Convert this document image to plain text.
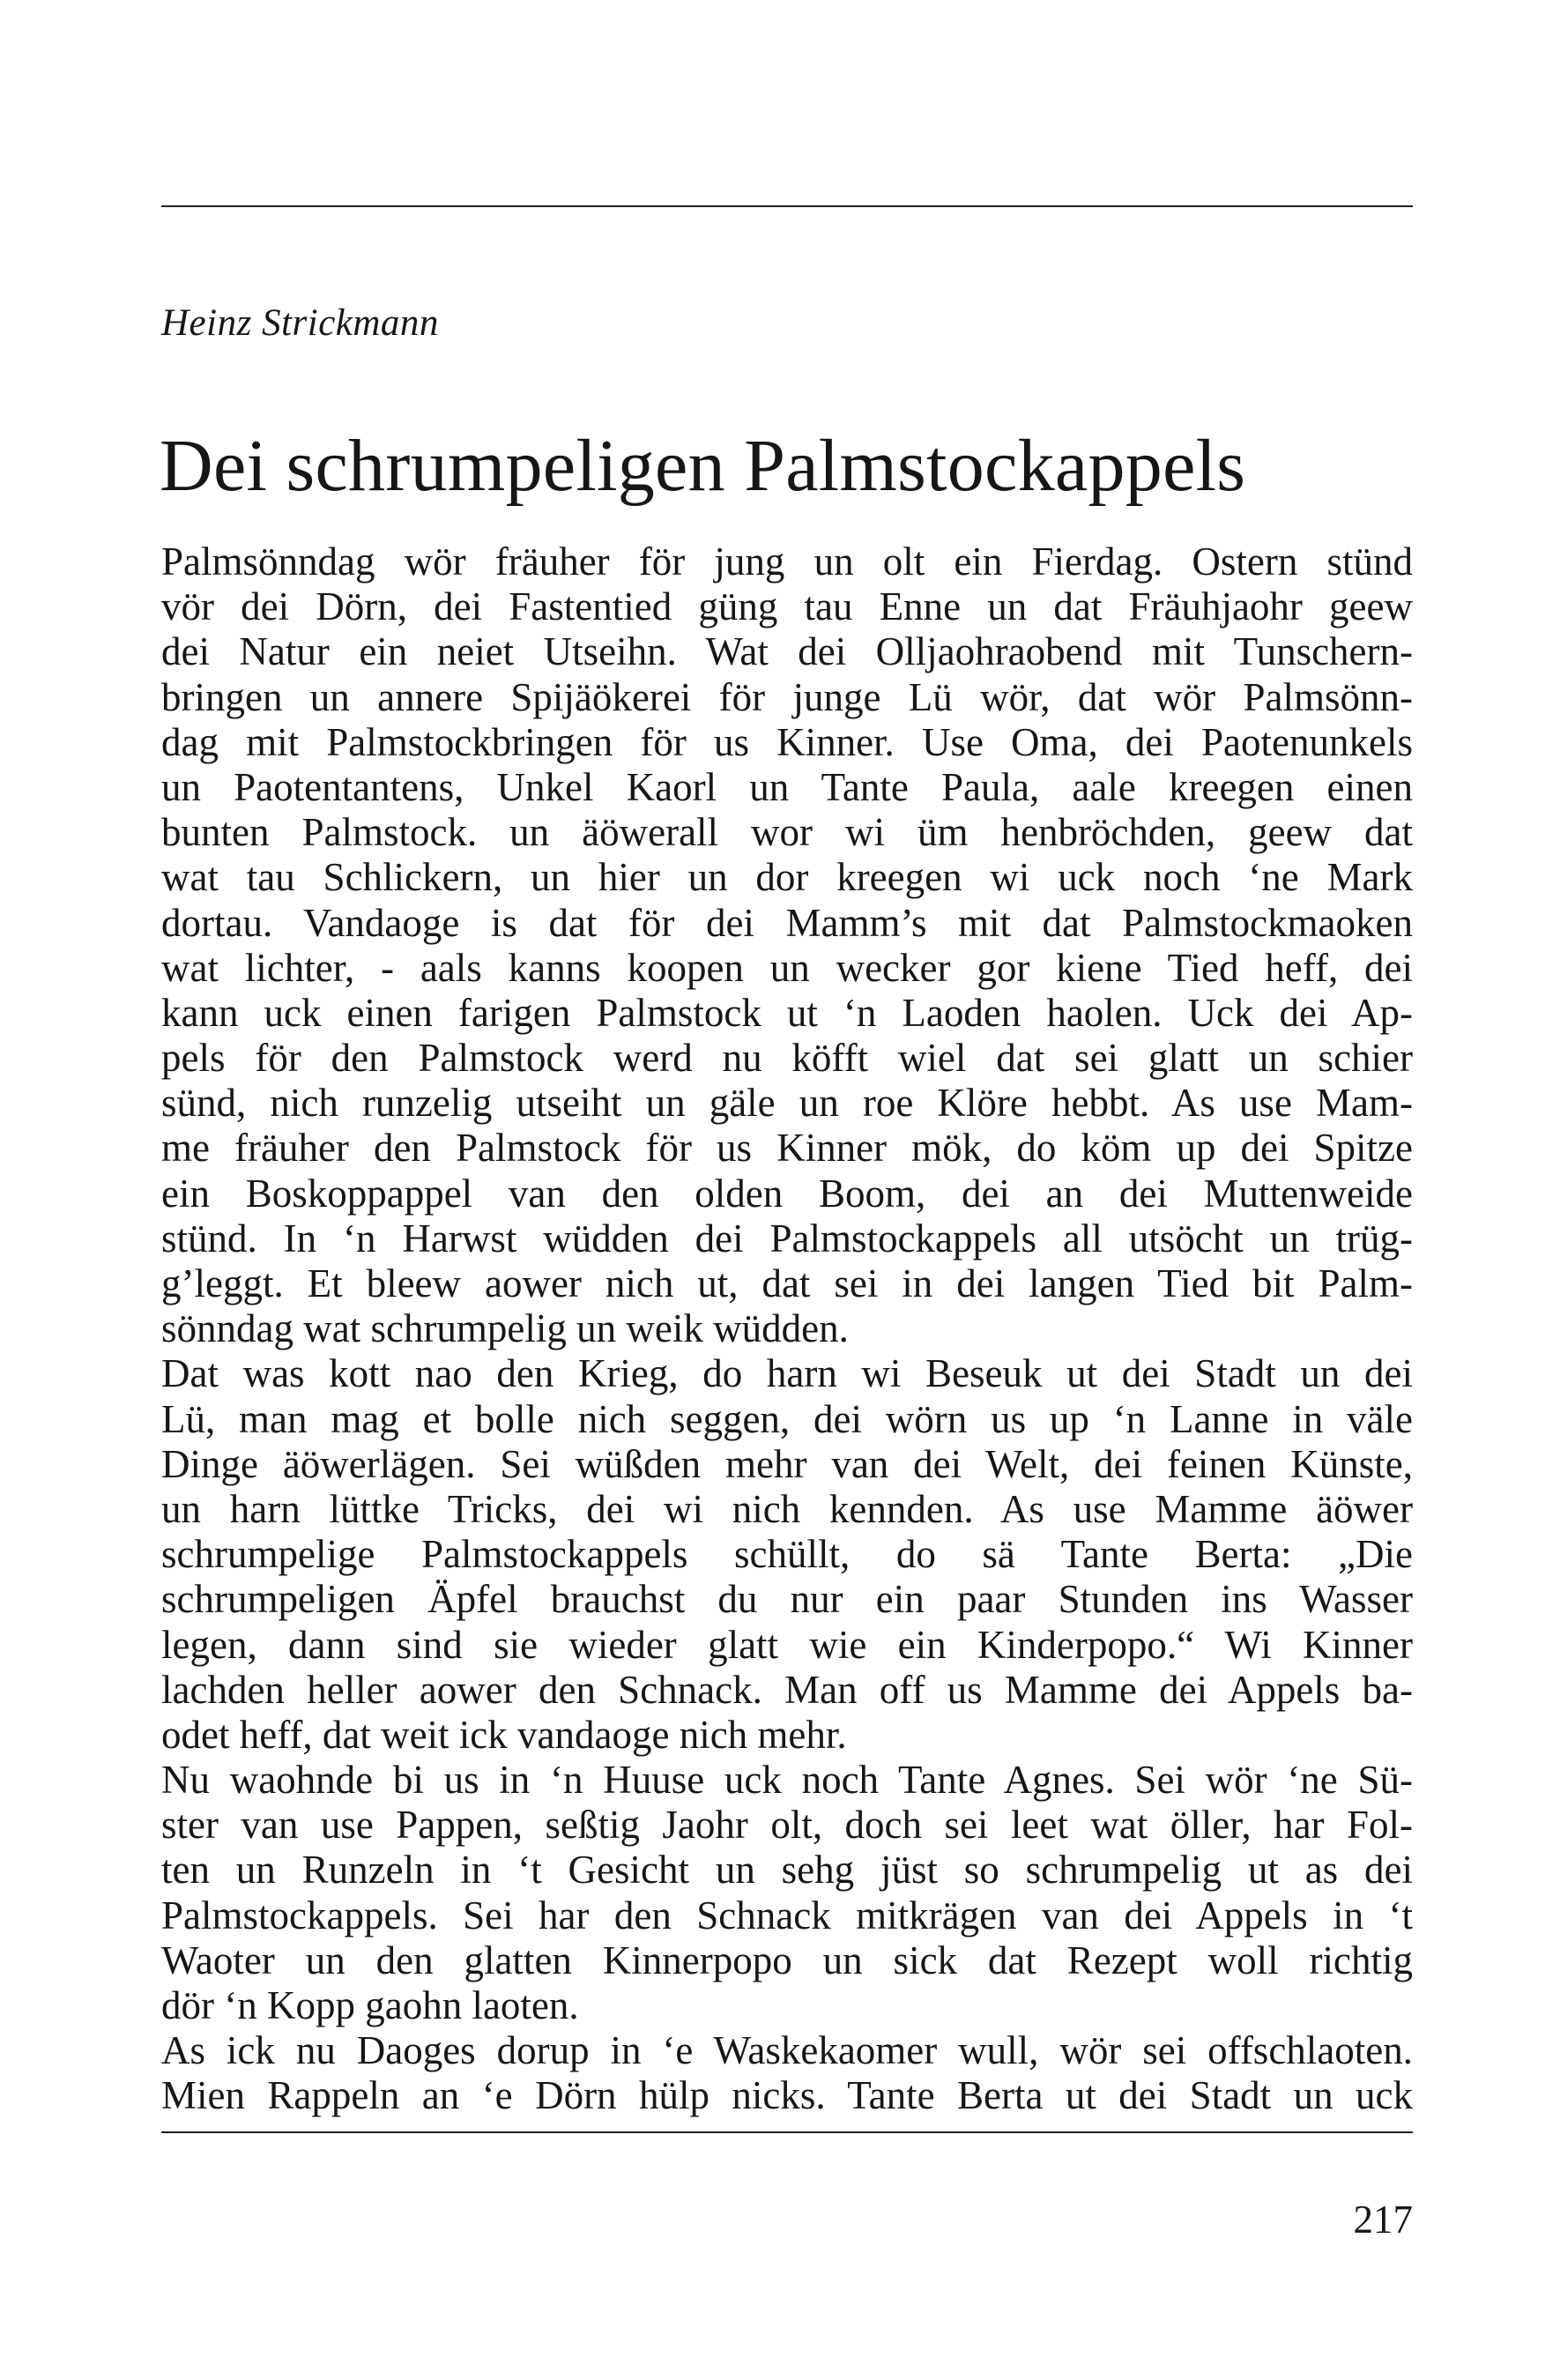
Heinz Strickmann
Dei schrumpeligen Palmstockappels
Palmsönndag wör fräuher för jung un olt ein Fierdag. Ostern stünd
vör dei Dörn, dei Fastentied güng tau Enne un dat Fräuhjaohr geew
dei Natur ein neiet Utseihn. Wat dei Olljaohraobend mit Tunschern-
bringen un annere Spijäökerei för junge Lü wör, dat wör Palmsönn-
dag mit Palmstockbringen för us Kinner. Use Oma, dei Paotenunkels
un Paotentantens, Unkel Kaorl un Tante Paula, aale kreegen einen
bunten Palmstock. un äöwerall wor wi üm henbröchden, geew dat
wat tau Schlickern, un hier un dor kreegen wi uck noch ‘ne Mark
dortau. Vandaoge is dat för dei Mamm’s mit dat Palmstockmaoken
wat lichter, - aals kanns koopen un wecker gor kiene Tied heff, dei
kann uck einen farigen Palmstock ut ‘n Laoden haolen. Uck dei Ap-
pels för den Palmstock werd nu köfft wiel dat sei glatt un schier
sünd, nich runzelig utseiht un gäle un roe Klöre hebbt. As use Mam-
me fräuher den Palmstock för us Kinner mök, do köm up dei Spitze
ein Boskoppappel van den olden Boom, dei an dei Muttenweide
stünd. In ‘n Harwst wüdden dei Palmstockappels all utsöcht un trüg-
g’leggt. Et bleew aower nich ut, dat sei in dei langen Tied bit Palm-
sönndag wat schrumpelig un weik wüdden.
Dat was kott nao den Krieg, do harn wi Beseuk ut dei Stadt un dei
Lü, man mag et bolle nich seggen, dei wörn us up ‘n Lanne in väle
Dinge äöwerlägen. Sei wüßden mehr van dei Welt, dei feinen Künste,
un harn lüttke Tricks, dei wi nich kennden. As use Mamme äöwer
schrumpelige Palmstockappels schüllt, do sä Tante Berta: „Die
schrumpeligen Äpfel brauchst du nur ein paar Stunden ins Wasser
legen, dann sind sie wieder glatt wie ein Kinderpopo.“ Wi Kinner
lachden heller aower den Schnack. Man off us Mamme dei Appels ba-
odet heff, dat weit ick vandaoge nich mehr.
Nu waohnde bi us in ‘n Huuse uck noch Tante Agnes. Sei wör ‘ne Sü-
ster van use Pappen, seßtig Jaohr olt, doch sei leet wat öller, har Fol-
ten un Runzeln in ‘t Gesicht un sehg jüst so schrumpelig ut as dei
Palmstockappels. Sei har den Schnack mitkrägen van dei Appels in ‘t
Waoter un den glatten Kinnerpopo un sick dat Rezept woll richtig
dör ‘n Kopp gaohn laoten.
As ick nu Daoges dorup in ‘e Waskekaomer wull, wör sei offschlaoten.
Mien Rappeln an ‘e Dörn hülp nicks. Tante Berta ut dei Stadt un uck
217
